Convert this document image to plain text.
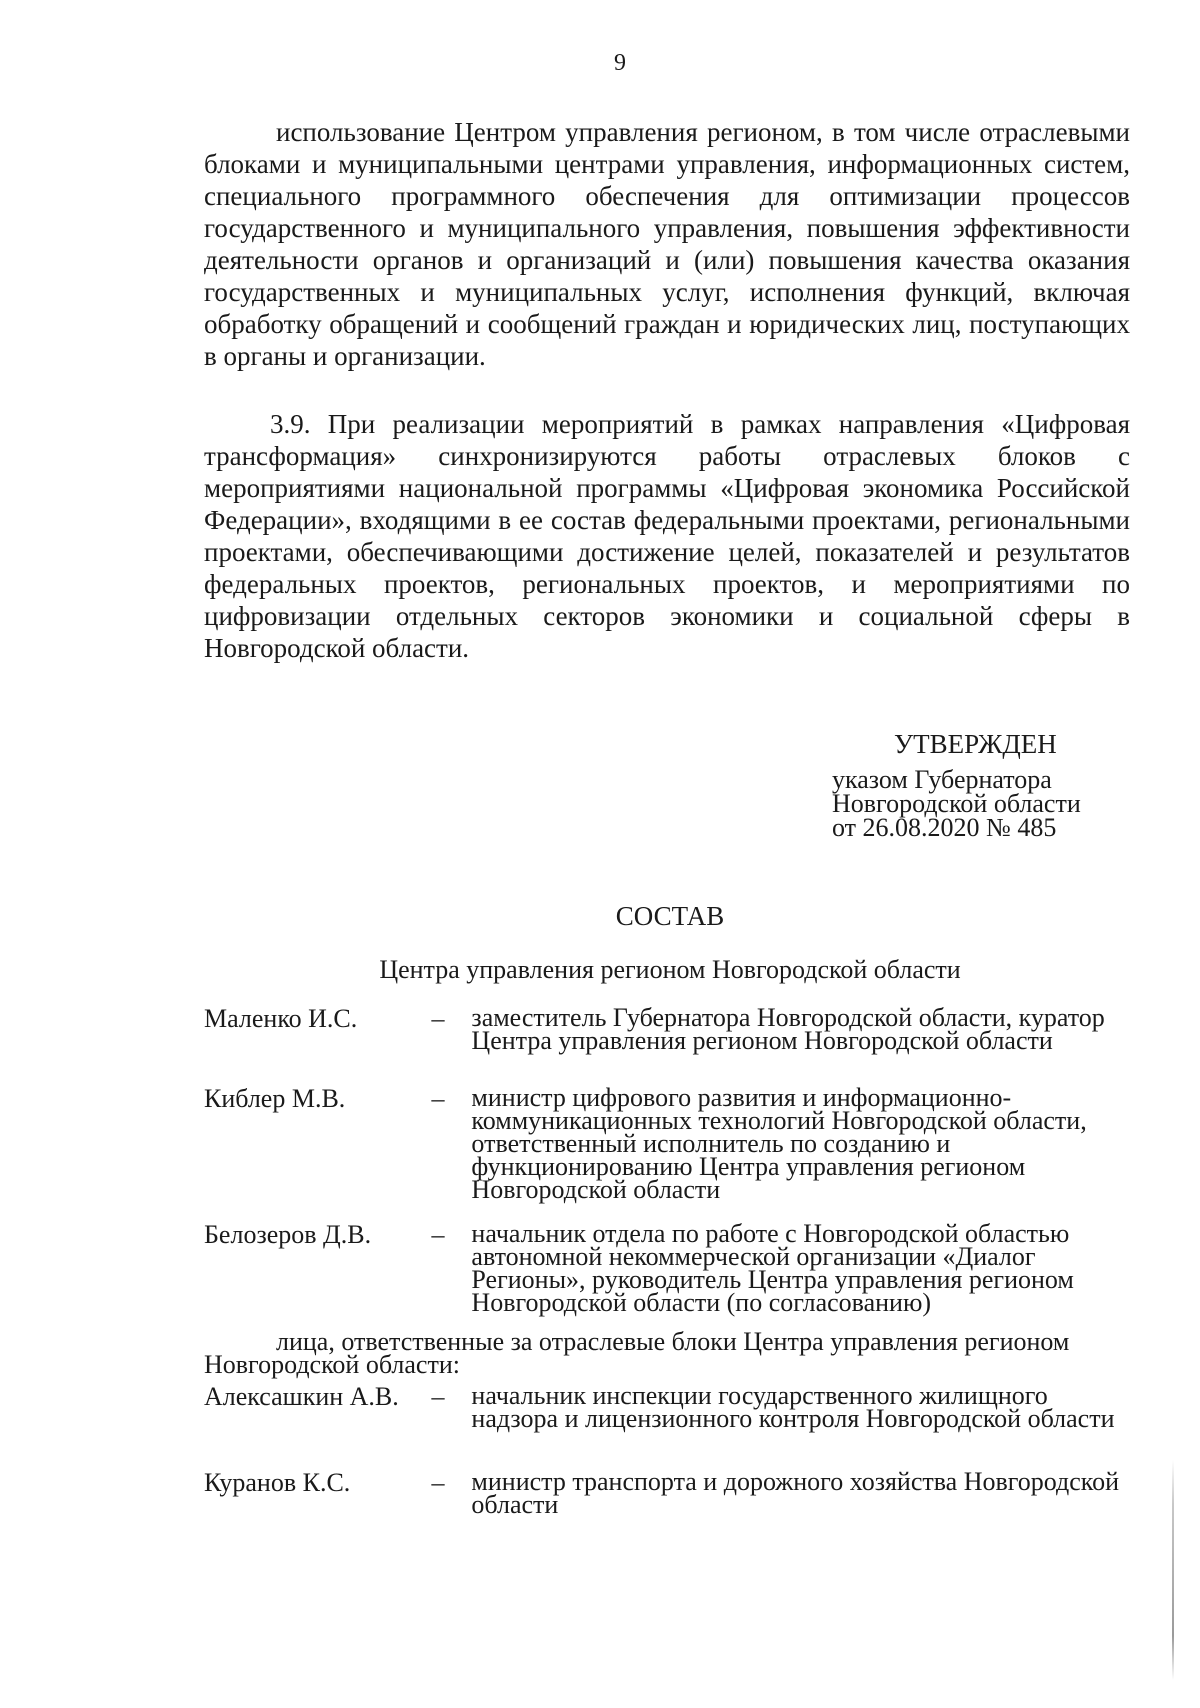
9

использование Центром управления регионом, в том числе отраслевыми блоками и муниципальными центрами управления, информационных систем, специального программного обеспечения для оптимизации процессов государственного и муниципального управления, повышения эффективности деятельности органов и организаций и (или) повышения качества оказания государственных и муниципальных услуг, исполнения функций, включая обработку обращений и сообщений граждан и юридических лиц, поступающих в органы и организации.

3.9. При реализации мероприятий в рамках направления «Цифровая трансформация» синхронизируются работы отраслевых блоков с мероприятиями национальной программы «Цифровая экономика Российской Федерации», входящими в ее состав федеральными проектами, региональными проектами, обеспечивающими достижение целей, показателей и результатов федеральных проектов, региональных проектов, и мероприятиями по цифровизации отдельных секторов экономики и социальной сферы в Новгородской области.

УТВЕРЖДЕН
указом Губернатора
Новгородской области
от 26.08.2020 № 485
СОСТАВ
Центра управления регионом Новгородской области
Маленко И.С.	–	заместитель Губернатора Новгородской области, куратор Центра управления регионом Новгородской области
Киблер М.В.	–	министр цифрового развития и информационно-коммуникационных технологий Новгородской области, ответственный исполнитель по созданию и функционированию Центра управления регионом Новгородской области
Белозеров Д.В.	–	начальник отдела по работе с Новгородской областью автономной некоммерческой организации «Диалог Регионы», руководитель Центра управления регионом Новгородской области (по согласованию)

лица, ответственные за отраслевые блоки Центра управления регионом Новгородской области:

Алексашкин А.В.	–	начальник инспекции государственного жилищного надзора и лицензионного контроля Новгородской области
Куранов К.С.	–	министр транспорта и дорожного хозяйства Новгородской области
